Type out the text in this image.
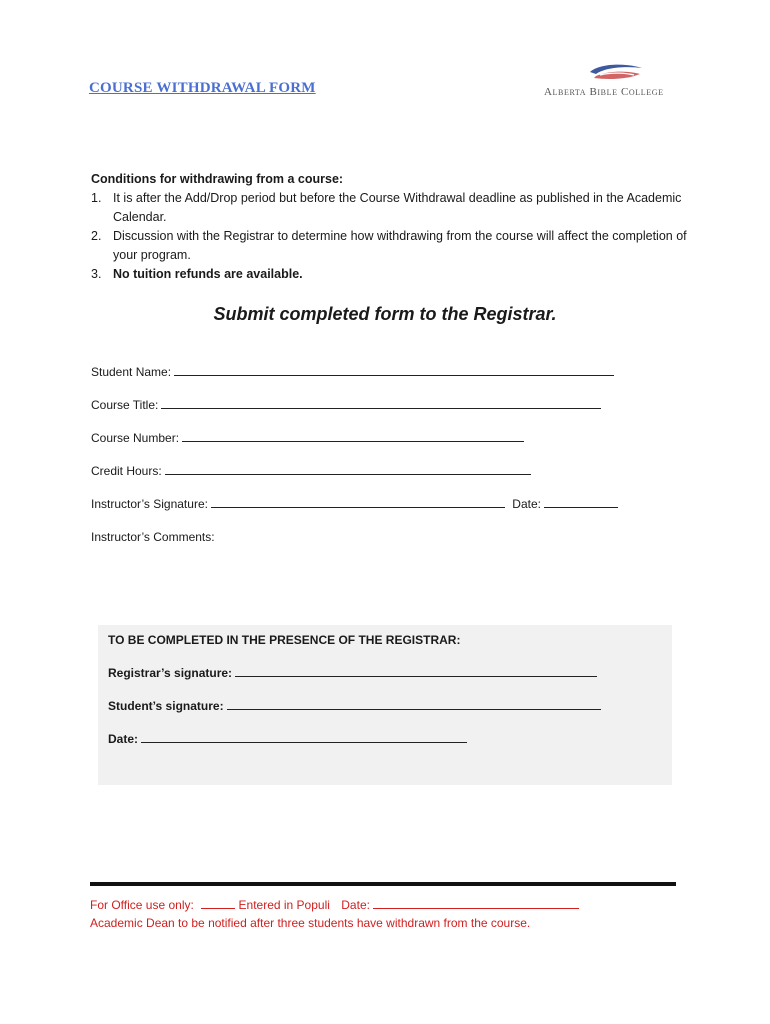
COURSE WITHDRAWAL FORM	Alberta Bible College
Conditions for withdrawing from a course:
1. It is after the Add/Drop period but before the Course Withdrawal deadline as published in the Academic Calendar.
2. Discussion with the Registrar to determine how withdrawing from the course will affect the completion of your program.
3. No tuition refunds are available.
Submit completed form to the Registrar.
Student Name:
Course Title:
Course Number:
Credit Hours:
Instructor’s Signature:	Date:
Instructor’s Comments:
TO BE COMPLETED IN THE PRESENCE OF THE REGISTRAR:
Registrar’s signature:
Student’s signature:
Date:
For Office use only:	Entered in Populi Date:
Academic Dean to be notified after three students have withdrawn from the course.
